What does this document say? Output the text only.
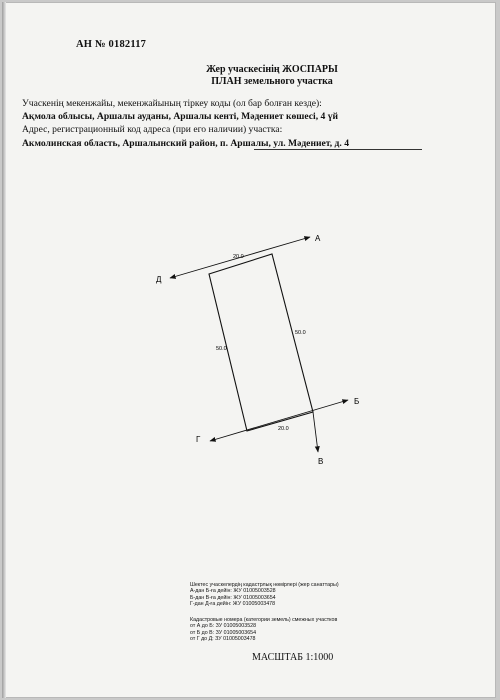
АН № 0182117
Жер учаскесінің ЖОСПАРЫ
ПЛАН земельного участка
Учаскенің мекенжайы, мекенжайының тіркеу коды (ол бар болған кезде):
Ақмола облысы, Аршалы ауданы, Аршалы кенті, Мәдениет көшесі, 4 үй
Адрес, регистрационный код адреса (при его наличии) участка:
Акмолинская область, Аршалынский район, п. Аршалы, ул. Мәдениет, д. 4
А
Б
В
Г
Д
20.0
20.0
50.0
50.0
Шектес учаскелердің кадастрлық нөмірлері (жер санаттары)
А-дан Б-ға дейін: ЖУ 01005003528
Б-дан В-ға дейін: ЖУ 01005003654
Г-дан Д-ға дейін: ЖУ 01005003478
Кадастровые номера (категории земель) смежных участков
от А до Б: ЗУ 01005003528
от Б до В: ЗУ 01005003654
от Г до Д: ЗУ 01005003478
МАСШТАБ 1:1000
